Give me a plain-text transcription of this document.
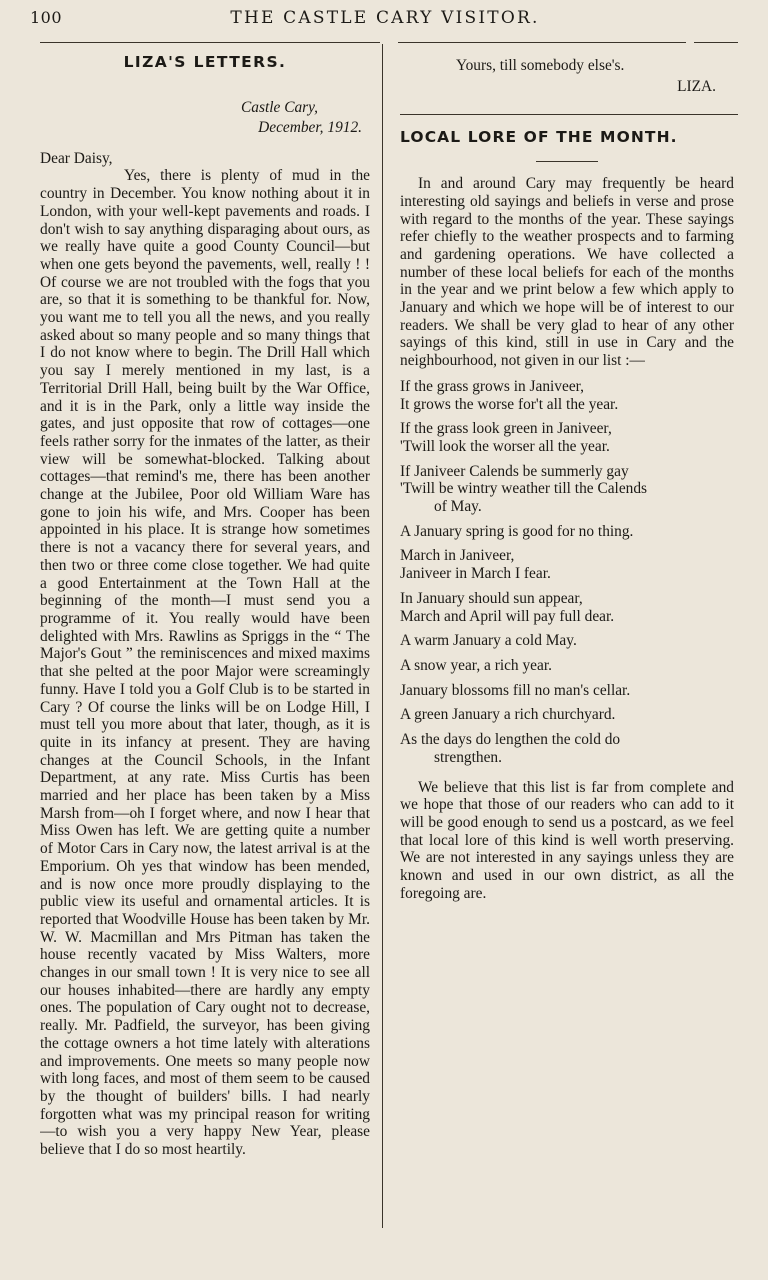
100	THE CASTLE CARY VISITOR.
LIZA'S LETTERS.
Castle Cary,
December, 1912.

Dear Daisy,

Yes, there is plenty of mud in the country in December. You know nothing about it in London, with your well-kept pavements and roads. I don't wish to say anything disparaging about ours, as we really have quite a good County Council—but when one gets beyond the pavements, well, really ! ! Of course we are not troubled with the fogs that you are, so that it is something to be thankful for. Now, you want me to tell you all the news, and you really asked about so many people and so many things that I do not know where to begin. The Drill Hall which you say I merely mentioned in my last, is a Territorial Drill Hall, being built by the War Office, and it is in the Park, only a little way inside the gates, and just opposite that row of cottages—one feels rather sorry for the inmates of the latter, as their view will be somewhat-blocked. Talking about cottages—that remind's me, there has been another change at the Jubilee, Poor old William Ware has gone to join his wife, and Mrs. Cooper has been appointed in his place. It is strange how sometimes there is not a vacancy there for several years, and then two or three come close together. We had quite a good Entertainment at the Town Hall at the beginning of the month—I must send you a programme of it. You really would have been delighted with Mrs. Rawlins as Spriggs in the “ The Major's Gout ” the reminiscences and mixed maxims that she pelted at the poor Major were screamingly funny. Have I told you a Golf Club is to be started in Cary ? Of course the links will be on Lodge Hill, I must tell you more about that later, though, as it is quite in its infancy at present. They are having changes at the Council Schools, in the Infant Department, at any rate. Miss Curtis has been married and her place has been taken by a Miss Marsh from—oh I forget where, and now I hear that Miss Owen has left. We are getting quite a number of Motor Cars in Cary now, the latest arrival is at the Emporium. Oh yes that window has been mended, and is now once more proudly displaying to the public view its useful and ornamental articles. It is reported that Woodville House has been taken by Mr. W. W. Macmillan and Mrs Pitman has taken the house recently vacated by Miss Walters, more changes in our small town ! It is very nice to see all our houses inhabited—there are hardly any empty ones. The population of Cary ought not to decrease, really. Mr. Padfield, the surveyor, has been giving the cottage owners a hot time lately with alterations and improvements. One meets so many people now with long faces, and most of them seem to be caused by the thought of builders' bills. I had nearly forgotten what was my principal reason for writing—to wish you a very happy New Year, please believe that I do so most heartily.

Yours, till somebody else's.

LIZA.

LOCAL LORE OF THE MONTH.

In and around Cary may frequently be heard interesting old sayings and beliefs in verse and prose with regard to the months of the year. These sayings refer chiefly to the weather prospects and to farming and gardening operations. We have collected a number of these local beliefs for each of the months in the year and we print below a few which apply to January and which we hope will be of interest to our readers. We shall be very glad to hear of any other sayings of this kind, still in use in Cary and the neighbourhood, not given in our list :—

If the grass grows in Janiveer,
It grows the worse for't all the year.

If the grass look green in Janiveer,
'Twill look the worser all the year.

If Janiveer Calends be summerly gay
'Twill be wintry weather till the Calends
of May.

A January spring is good for no thing.

March in Janiveer,
Janiveer in March I fear.

In January should sun appear,
March and April will pay full dear.

A warm January a cold May.

A snow year, a rich year.

January blossoms fill no man's cellar.

A green January a rich churchyard.

As the days do lengthen the cold do
strengthen.

We believe that this list is far from complete and we hope that those of our readers who can add to it will be good enough to send us a postcard, as we feel that local lore of this kind is well worth preserving. We are not interested in any sayings unless they are known and used in our own district, as all the foregoing are.
